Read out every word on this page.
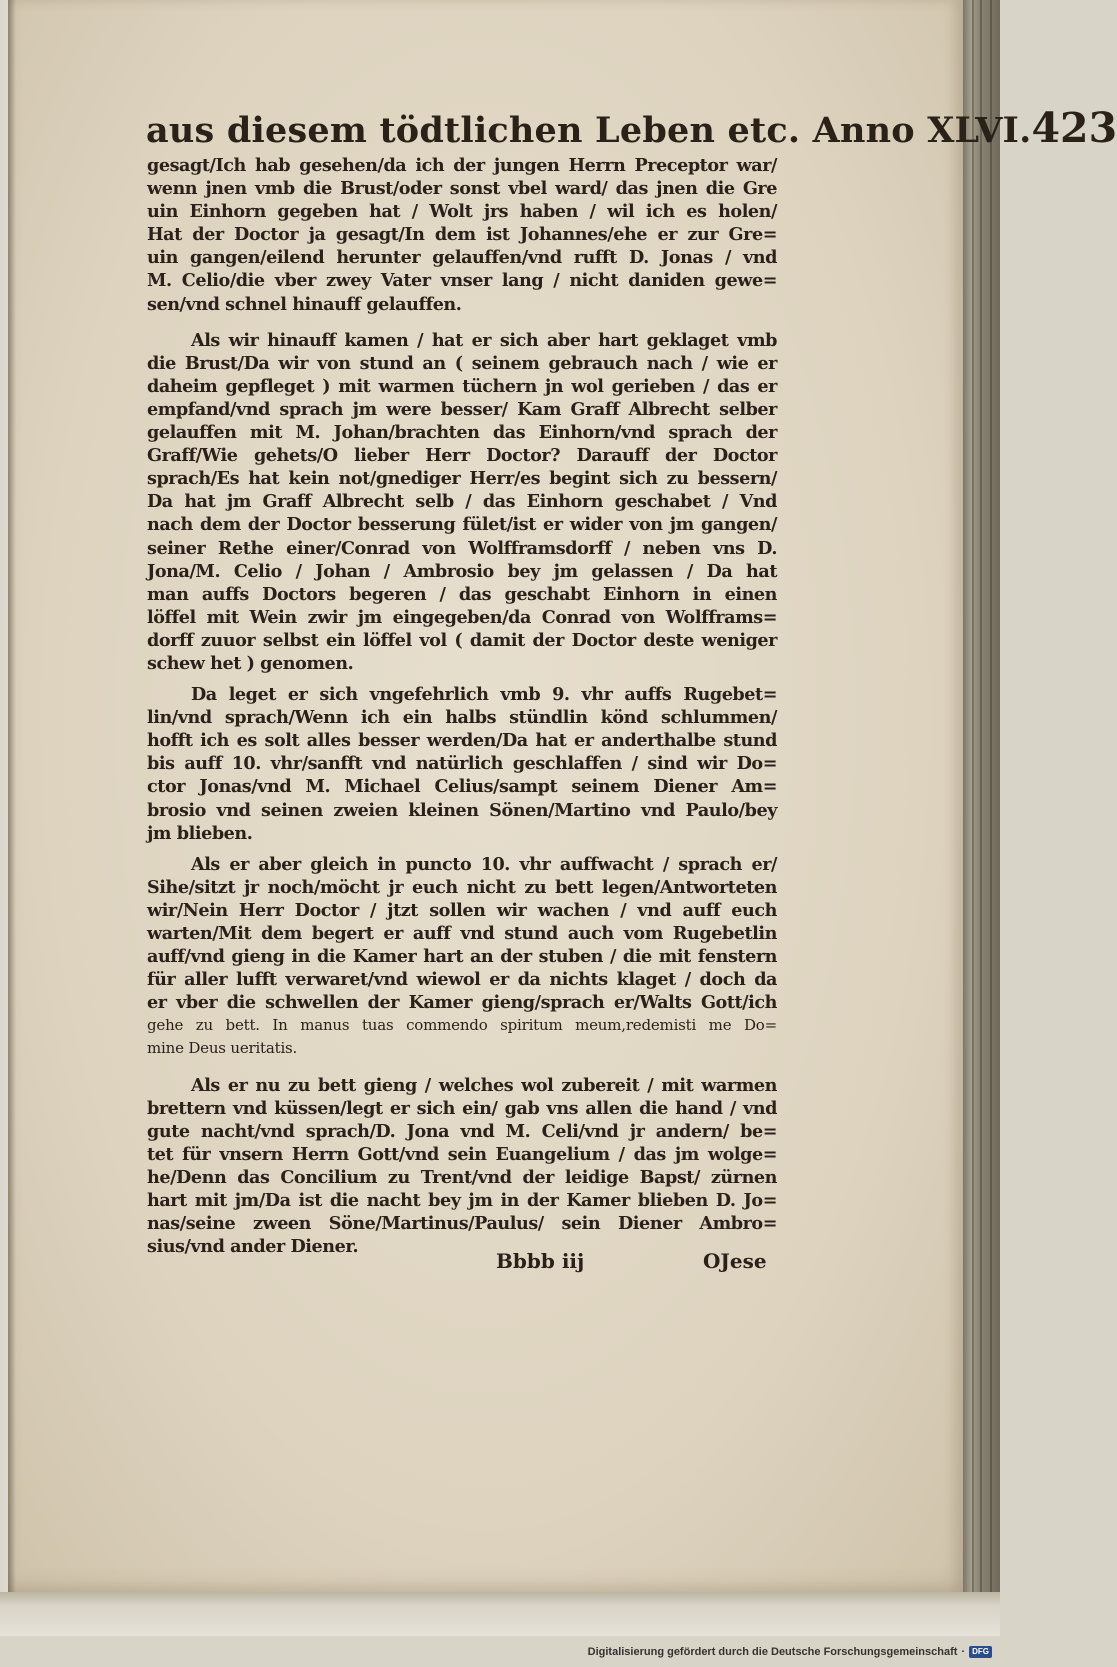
aus diesem tödtlichen Leben etc. Anno XLVI. 423
gesagt/Ich hab gesehen/da ich der jungen Herrn Preceptor war/
wenn jnen vmb die Brust/oder sonst vbel ward/ das jnen die Gre
uin Einhorn gegeben hat / Wolt jrs haben / wil ich es holen/
Hat der Doctor ja gesagt/In dem ist Johannes/ehe er zur Gre=
uin gangen/eilend herunter gelauffen/vnd rufft D. Jonas / vnd
M. Celio/die vber zwey Vater vnser lang / nicht daniden gewe=
sen/vnd schnel hinauff gelauffen.
Als wir hinauff kamen / hat er sich aber hart geklaget vmb
die Brust/Da wir von stund an ( seinem gebrauch nach / wie er
daheim gepfleget ) mit warmen tüchern jn wol gerieben / das er
empfand/vnd sprach jm were besser/ Kam Graff Albrecht selber
gelauffen mit M. Johan/brachten das Einhorn/vnd sprach der
Graff/Wie gehets/O lieber Herr Doctor? Darauff der Doctor
sprach/Es hat kein not/gnediger Herr/es begint sich zu bessern/
Da hat jm Graff Albrecht selb / das Einhorn geschabet / Vnd
nach dem der Doctor besserung fület/ist er wider von jm gangen/
seiner Rethe einer/Conrad von Wolfframsdorff / neben vns D.
Jona/M. Celio / Johan / Ambrosio bey jm gelassen / Da hat
man auffs Doctors begeren / das geschabt Einhorn in einen
löffel mit Wein zwir jm eingegeben/da Conrad von Wolfframs=
dorff zuuor selbst ein löffel vol ( damit der Doctor deste weniger
schew het ) genomen.
Da leget er sich vngefehrlich vmb 9. vhr auffs Rugebet=
lin/vnd sprach/Wenn ich ein halbs stündlin könd schlummen/
hofft ich es solt alles besser werden/Da hat er anderthalbe stund
bis auff 10. vhr/sanfft vnd natürlich geschlaffen / sind wir Do=
ctor Jonas/vnd M. Michael Celius/sampt seinem Diener Am=
brosio vnd seinen zweien kleinen Sönen/Martino vnd Paulo/bey
jm blieben.
Als er aber gleich in puncto 10. vhr auffwacht / sprach er/
Sihe/sitzt jr noch/möcht jr euch nicht zu bett legen/Antworteten
wir/Nein Herr Doctor / jtzt sollen wir wachen / vnd auff euch
warten/Mit dem begert er auff vnd stund auch vom Rugebetlin
auff/vnd gieng in die Kamer hart an der stuben / die mit fenstern
für aller lufft verwaret/vnd wiewol er da nichts klaget / doch da
er vber die schwellen der Kamer gieng/sprach er/Walts Gott/ich
gehe zu bett. In manus tuas commendo spiritum meum,redemisti me Do=
mine Deus ueritatis.
Als er nu zu bett gieng / welches wol zubereit / mit warmen
brettern vnd küssen/legt er sich ein/ gab vns allen die hand / vnd
gute nacht/vnd sprach/D. Jona vnd M. Celi/vnd jr andern/ be=
tet für vnsern Herrn Gott/vnd sein Euangelium / das jm wolge=
he/Denn das Concilium zu Trent/vnd der leidige Bapst/ zürnen
hart mit jm/Da ist die nacht bey jm in der Kamer blieben D. Jo=
nas/seine zween Söne/Martinus/Paulus/ sein Diener Ambro=
sius/vnd ander Diener.
Bbbb iij	OJese
Digitalisierung gefördert durch die Deutsche Forschungsgemeinschaft · DFG
